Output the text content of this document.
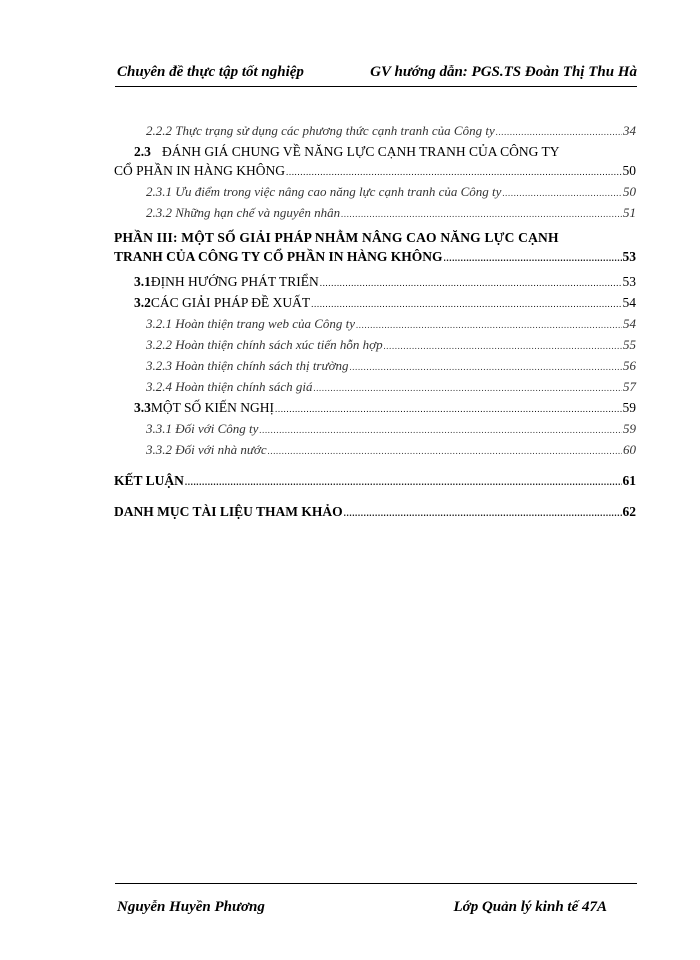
Chuyên đề thực tập tốt nghiệp	GV hướng dẫn: PGS.TS Đoàn Thị Thu Hà
2.2.2 Thực trạng sử dụng các phương thức cạnh tranh của Công ty .....	34
2.3 ĐÁNH GIÁ CHUNG VỀ NĂNG LỰC CẠNH TRANH CỦA CÔNG TY
CỔ PHẦN IN HÀNG KHÔNG .....	50
2.3.1 Ưu điểm trong việc nâng cao năng lực cạnh tranh của Công ty .....	50
2.3.2 Những hạn chế và nguyên nhân .....	51
PHẦN III: MỘT SỐ GIẢI PHÁP NHẰM NÂNG CAO NĂNG LỰC CẠNH
TRANH CỦA CÔNG TY CỔ PHẦN IN HÀNG KHÔNG .....	53
3.1 ĐỊNH HƯỚNG PHÁT TRIỂN .....	53
3.2 CÁC GIẢI PHÁP ĐỀ XUẤT .....	54
3.2.1 Hoàn thiện trang web của Công ty .....	54
3.2.2 Hoàn thiện chính sách xúc tiến hỗn hợp .....	55
3.2.3 Hoàn thiện chính sách thị trường .....	56
3.2.4 Hoàn thiện chính sách giá .....	57
3.3 MỘT SỐ KIẾN NGHỊ .....	59
3.3.1 Đối với Công ty .....	59
3.3.2 Đối với nhà nước .....	60
KẾT LUẬN .....	61
DANH MỤC TÀI LIỆU THAM KHẢO .....	62
Nguyễn Huyền Phương	Lớp Quản lý kinh tế 47A
